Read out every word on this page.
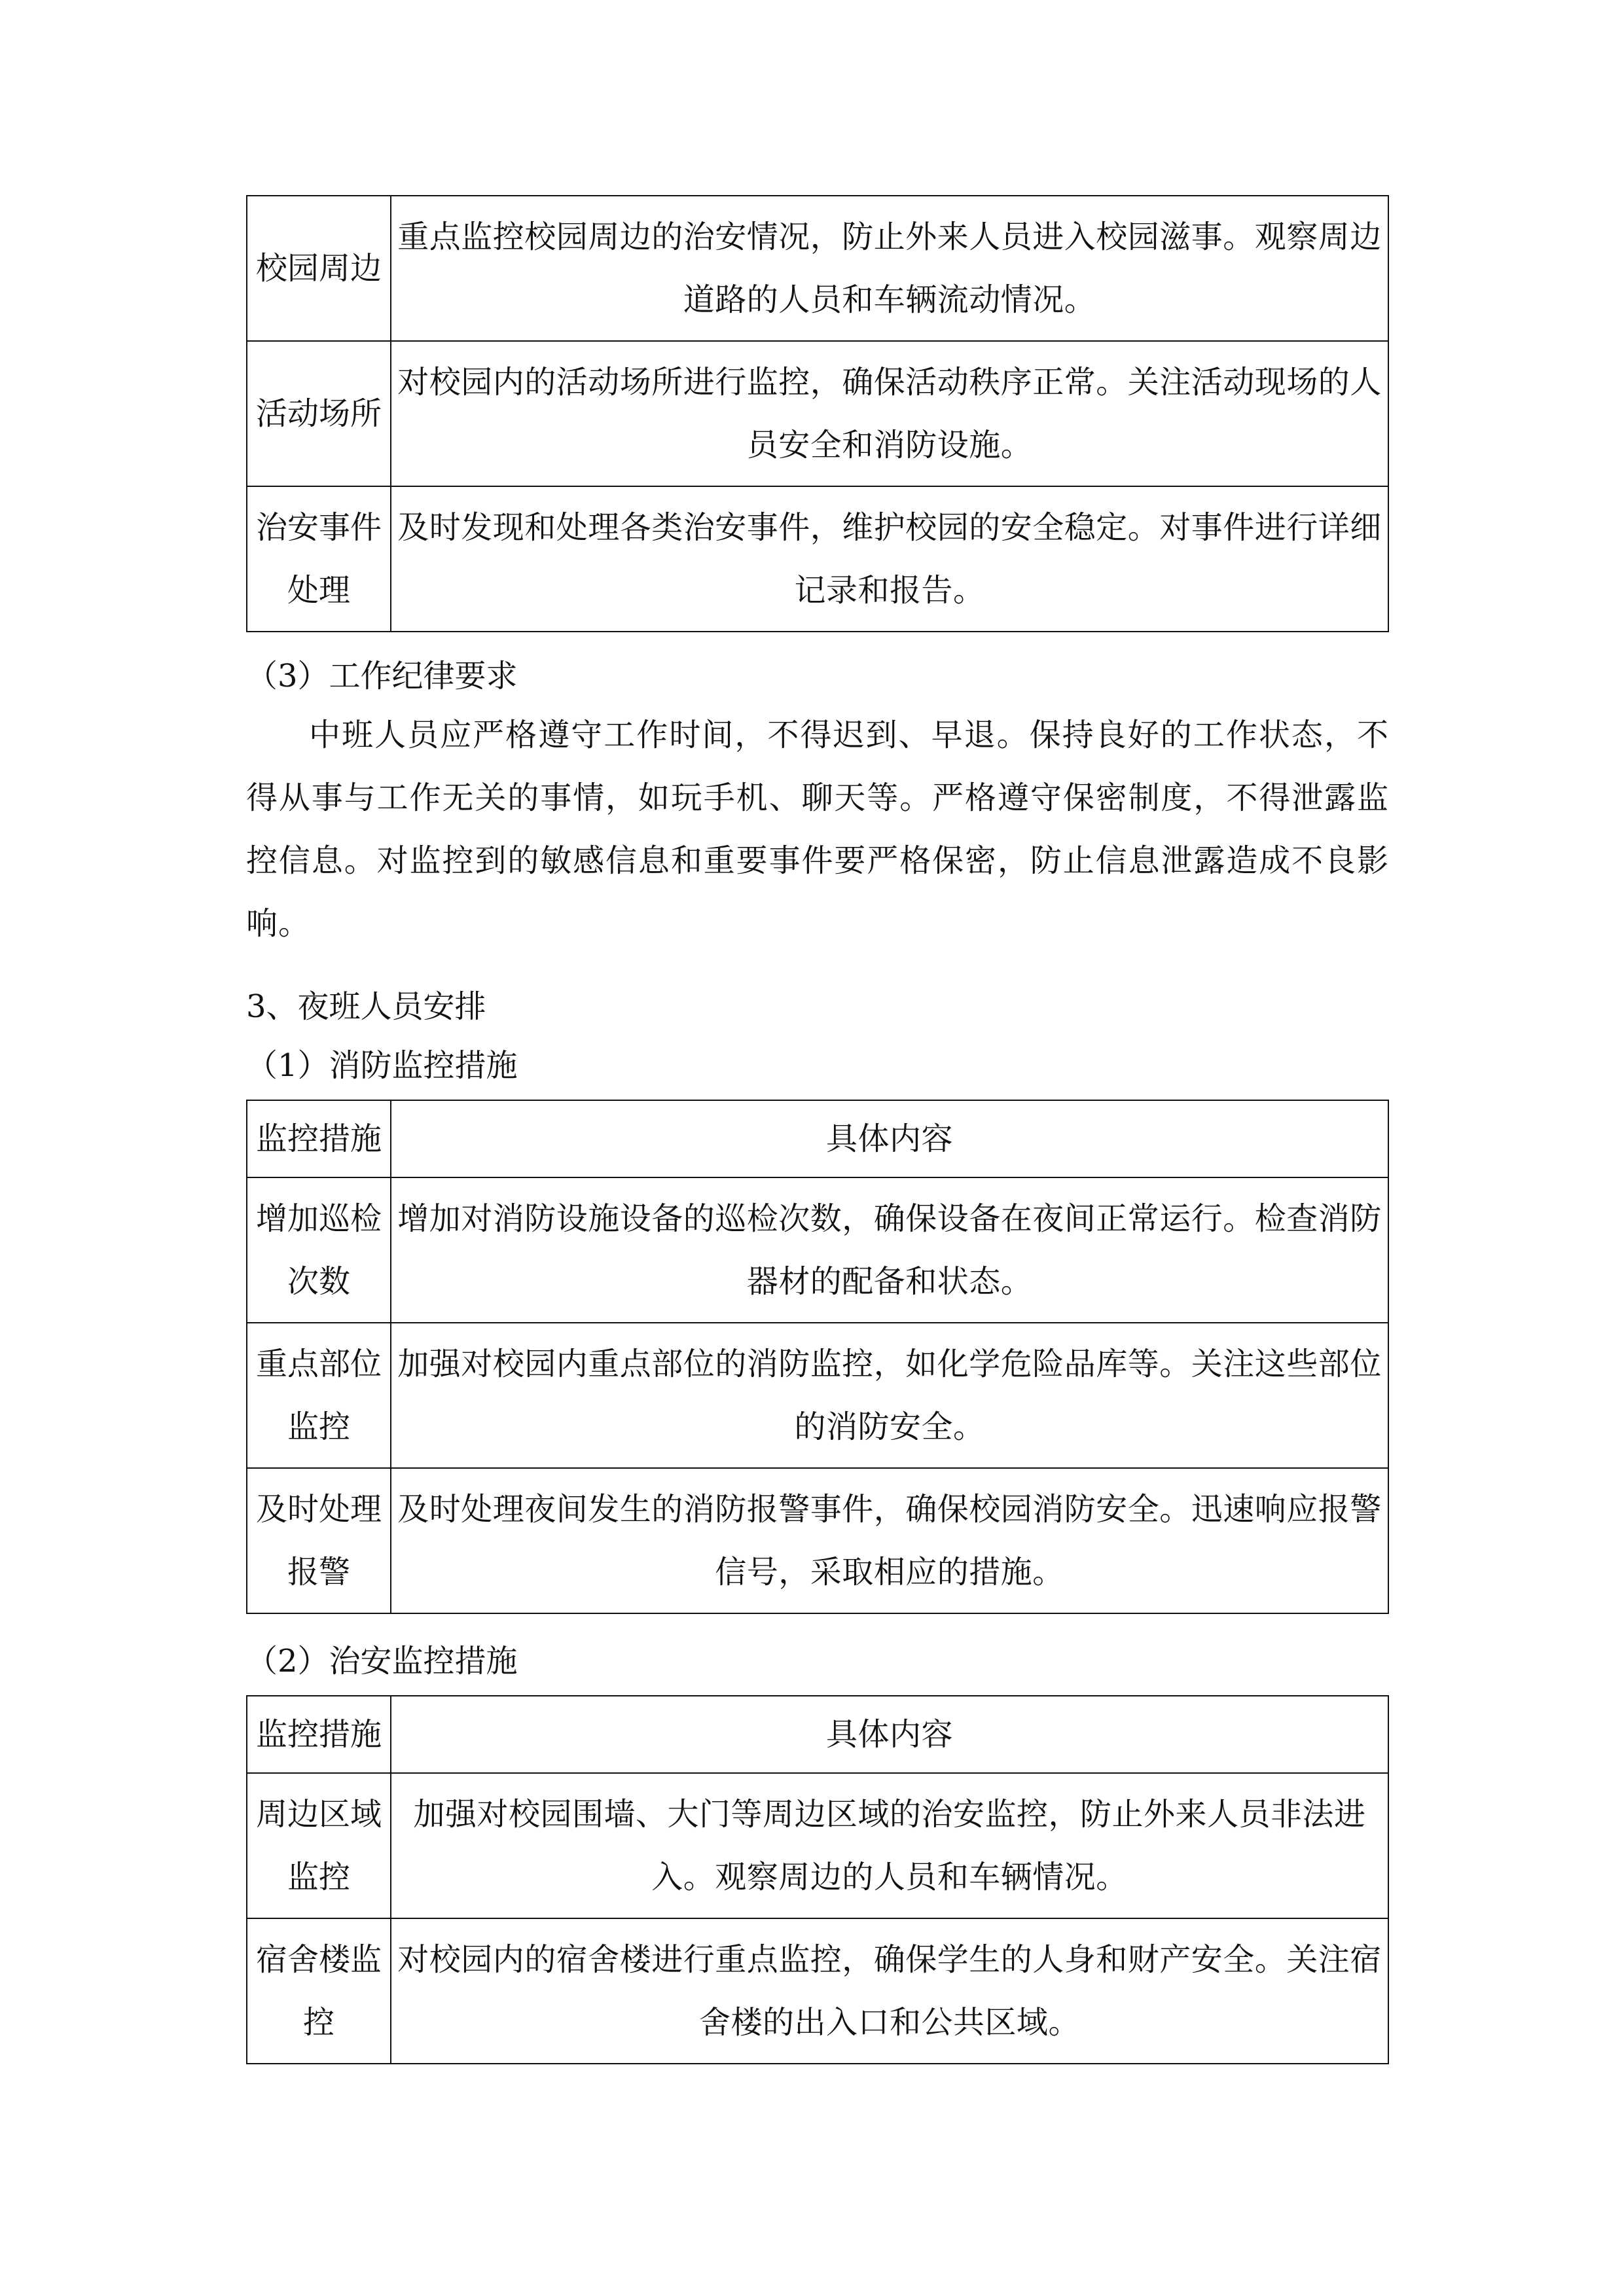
校园周边	重点监控校园周边的治安情况，防止外来人员进入校园滋事。观察周边道路的人员和车辆流动情况。
活动场所	对校园内的活动场所进行监控，确保活动秩序正常。关注活动现场的人员安全和消防设施。
治安事件处理	及时发现和处理各类治安事件，维护校园的安全稳定。对事件进行详细记录和报告。
（3）工作纪律要求
中班人员应严格遵守工作时间，不得迟到、早退。保持良好的工作状态，不得从事与工作无关的事情，如玩手机、聊天等。严格遵守保密制度，不得泄露监控信息。对监控到的敏感信息和重要事件要严格保密，防止信息泄露造成不良影响。
3、夜班人员安排
（1）消防监控措施
监控措施	具体内容
增加巡检次数	增加对消防设施设备的巡检次数，确保设备在夜间正常运行。检查消防器材的配备和状态。
重点部位监控	加强对校园内重点部位的消防监控，如化学危险品库等。关注这些部位的消防安全。
及时处理报警	及时处理夜间发生的消防报警事件，确保校园消防安全。迅速响应报警信号，采取相应的措施。
（2）治安监控措施
监控措施	具体内容
周边区域监控	加强对校园围墙、大门等周边区域的治安监控，防止外来人员非法进入。观察周边的人员和车辆情况。
宿舍楼监控	对校园内的宿舍楼进行重点监控，确保学生的人身和财产安全。关注宿舍楼的出入口和公共区域。
